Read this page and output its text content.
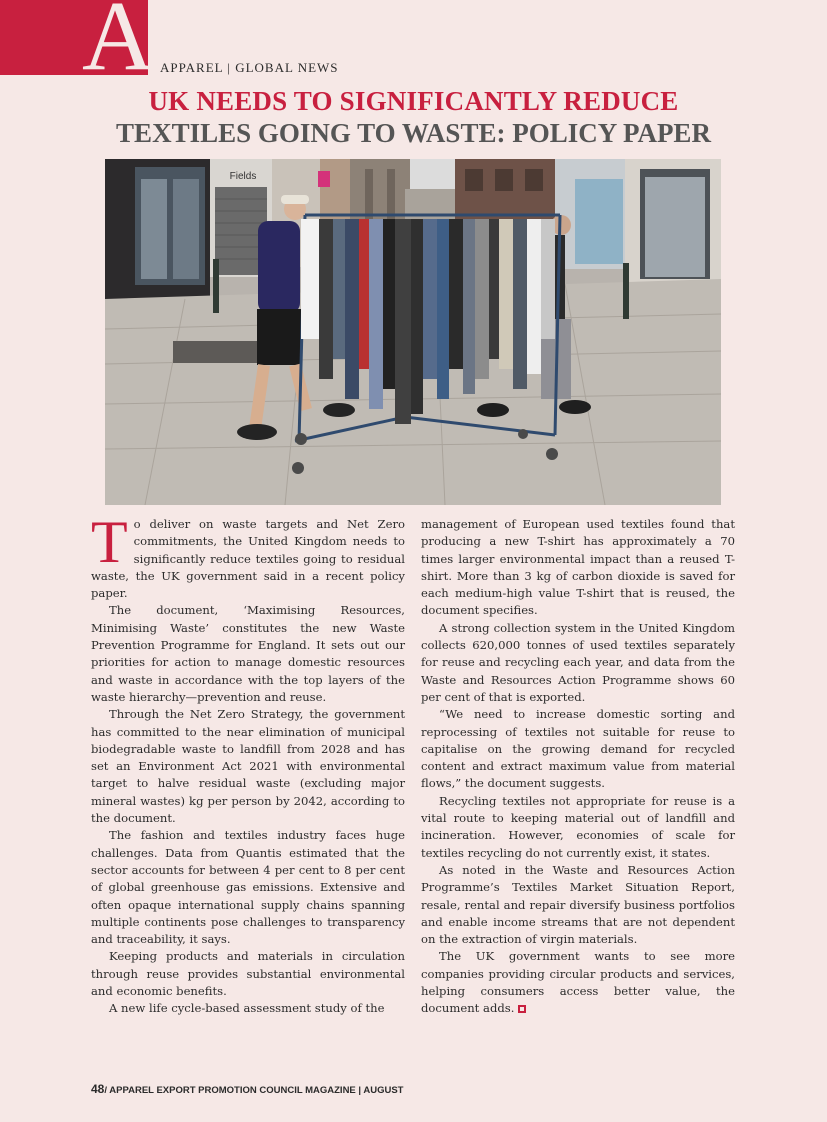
A APPAREL | GLOBAL NEWS
UK NEEDS TO SIGNIFICANTLY REDUCE
TEXTILES GOING TO WASTE: POLICY PAPER
Fields

To deliver on waste targets and Net Zero commitments, the United Kingdom needs to significantly reduce textiles going to residual waste, the UK government said in a recent policy paper.

The document, ‘Maximising Resources, Minimising Waste’ constitutes the new Waste Prevention Programme for England. It sets out our priorities for action to manage domestic resources and waste in accordance with the top layers of the waste hierarchy—prevention and reuse.

Through the Net Zero Strategy, the government has committed to the near elimination of municipal biodegradable waste to landfill from 2028 and has set an Environment Act 2021 with environmental target to halve residual waste (excluding major mineral wastes) kg per person by 2042, according to the document.

The fashion and textiles industry faces huge challenges. Data from Quantis estimated that the sector accounts for between 4 per cent to 8 per cent of global greenhouse gas emissions. Extensive and often opaque international supply chains spanning multiple continents pose challenges to transparency and traceability, it says.

Keeping products and materials in circulation through reuse provides substantial environmental and economic benefits.

A new life cycle-based assessment study of the

management of European used textiles found that producing a new T-shirt has approximately a 70 times larger environmental impact than a reused T-shirt. More than 3 kg of carbon dioxide is saved for each medium-high value T-shirt that is reused, the document specifies.

A strong collection system in the United Kingdom collects 620,000 tonnes of used textiles separately for reuse and recycling each year, and data from the Waste and Resources Action Programme shows 60 per cent of that is exported.

“We need to increase domestic sorting and reprocessing of textiles not suitable for reuse to capitalise on the growing demand for recycled content and extract maximum value from material flows,” the document suggests.

Recycling textiles not appropriate for reuse is a vital route to keeping material out of landfill and incineration. However, economies of scale for textiles recycling do not currently exist, it states.

As noted in the Waste and Resources Action Programme’s Textiles Market Situation Report, resale, rental and repair diversify business portfolios and enable income streams that are not dependent on the extraction of virgin materials.

The UK government wants to see more companies providing circular products and services, helping consumers access better value, the document adds.

48/ APPAREL EXPORT PROMOTION COUNCIL MAGAZINE | AUGUST
